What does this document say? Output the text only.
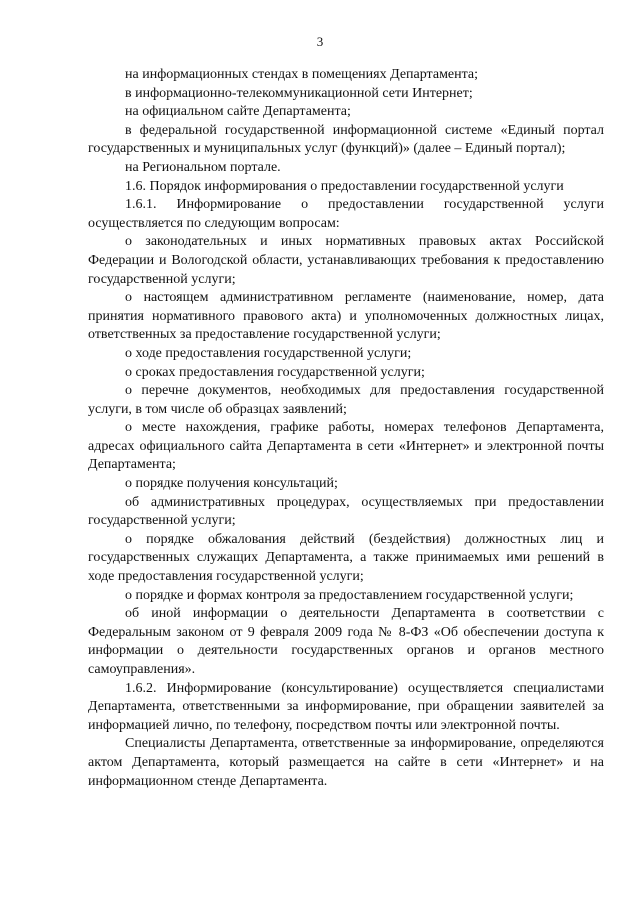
3

на информационных стендах в помещениях Департамента;

в информационно-телекоммуникационной сети Интернет;

на официальном сайте Департамента;

в федеральной государственной информационной системе «Единый портал государственных и муниципальных услуг (функций)» (далее – Единый портал);

на Региональном портале.

1.6. Порядок информирования о предоставлении государственной услуги

1.6.1. Информирование о предоставлении государственной услуги осуществляется по следующим вопросам:

о законодательных и иных нормативных правовых актах Российской Федерации и Вологодской области, устанавливающих требования к предоставлению государственной услуги;

о настоящем административном регламенте (наименование, номер, дата принятия нормативного правового акта) и уполномоченных должностных лицах, ответственных за предоставление государственной услуги;

о ходе предоставления государственной услуги;

о сроках предоставления государственной услуги;

о перечне документов, необходимых для предоставления государственной услуги, в том числе об образцах заявлений;

о месте нахождения, графике работы, номерах телефонов Департамента, адресах официального сайта Департамента в сети «Интернет» и электронной почты Департамента;

о порядке получения консультаций;

об административных процедурах, осуществляемых при предоставлении государственной услуги;

о порядке обжалования действий (бездействия) должностных лиц и государственных служащих Департамента, а также принимаемых ими решений в ходе предоставления государственной услуги;

о порядке и формах контроля за предоставлением государственной услуги;

об иной информации о деятельности Департамента в соответствии с Федеральным законом от 9 февраля 2009 года № 8-ФЗ «Об обеспечении доступа к информации о деятельности государственных органов и органов местного самоуправления».

1.6.2. Информирование (консультирование) осуществляется специалистами Департамента, ответственными за информирование, при обращении заявителей за информацией лично, по телефону, посредством почты или электронной почты.

Специалисты Департамента, ответственные за информирование, определяются актом Департамента, который размещается на сайте в сети «Интернет» и на информационном стенде Департамента.
